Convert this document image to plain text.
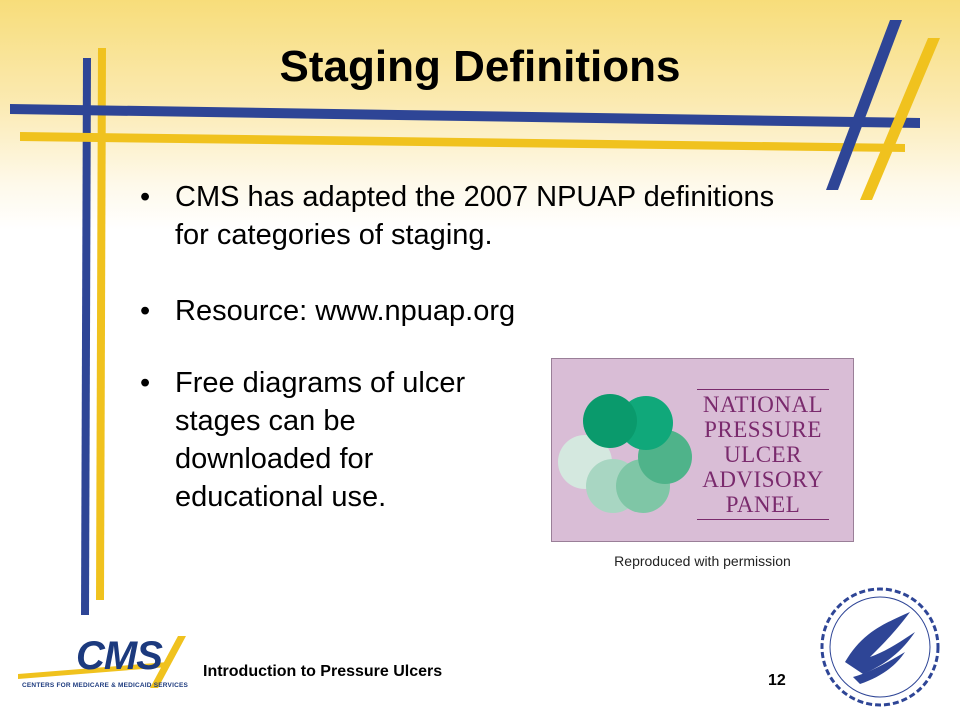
Staging Definitions
• CMS has adapted the 2007 NPUAP definitions for categories of staging.
• Resource: www.npuap.org
• Free diagrams of ulcer stages can be downloaded for educational use.
NATIONAL
PRESSURE
ULCER
ADVISORY
PANEL
Reproduced with permission
CMS
CENTERS FOR MEDICARE & MEDICAID SERVICES
Introduction to Pressure Ulcers
12
